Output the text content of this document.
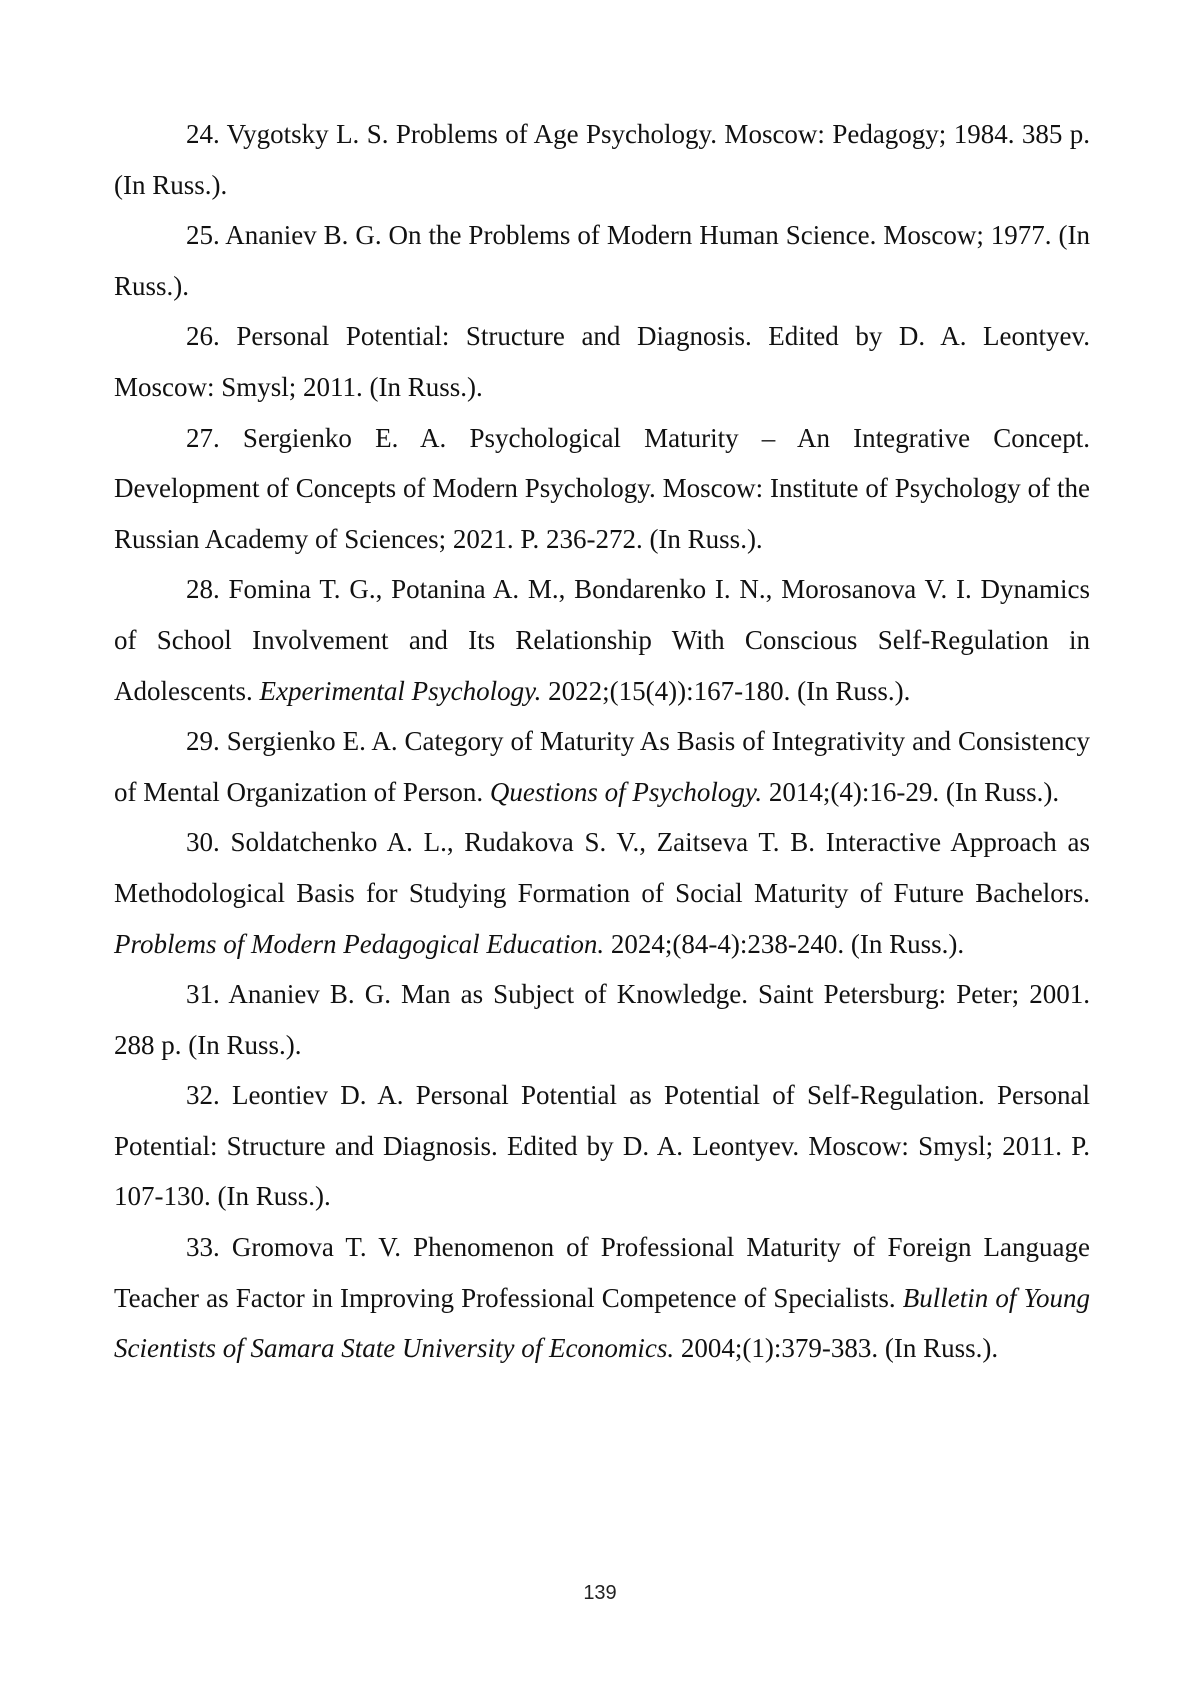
24. Vygotsky L. S. Problems of Age Psychology. Moscow: Pedagogy; 1984. 385 p. (In Russ.).

25. Ananiev B. G. On the Problems of Modern Human Science. Moscow; 1977. (In Russ.).

26. Personal Potential: Structure and Diagnosis. Edited by D. A. Leontyev. Moscow: Smysl; 2011. (In Russ.).

27. Sergienko E. A. Psychological Maturity – An Integrative Concept. Development of Concepts of Modern Psychology. Moscow: Institute of Psychology of the Russian Academy of Sciences; 2021. P. 236-272. (In Russ.).

28. Fomina T. G., Potanina A. M., Bondarenko I. N., Morosanova V. I. Dynamics of School Involvement and Its Relationship With Conscious Self-Regulation in Adolescents. Experimental Psychology. 2022;(15(4)):167-180. (In Russ.).

29. Sergienko E. A. Category of Maturity As Basis of Integrativity and Consistency of Mental Organization of Person. Questions of Psychology. 2014;(4):16-29. (In Russ.).

30. Soldatchenko A. L., Rudakova S. V., Zaitseva T. B. Interactive Approach as Methodological Basis for Studying Formation of Social Maturity of Future Bachelors. Problems of Modern Pedagogical Education. 2024;(84-4):238-240. (In Russ.).

31. Ananiev B. G. Man as Subject of Knowledge. Saint Petersburg: Peter; 2001. 288 p. (In Russ.).

32. Leontiev D. A. Personal Potential as Potential of Self-Regulation. Personal Potential: Structure and Diagnosis. Edited by D. A. Leontyev. Moscow: Smysl; 2011. P. 107-130. (In Russ.).

33. Gromova T. V. Phenomenon of Professional Maturity of Foreign Language Teacher as Factor in Improving Professional Competence of Specialists. Bulletin of Young Scientists of Samara State University of Economics. 2004;(1):379-383. (In Russ.).

139
